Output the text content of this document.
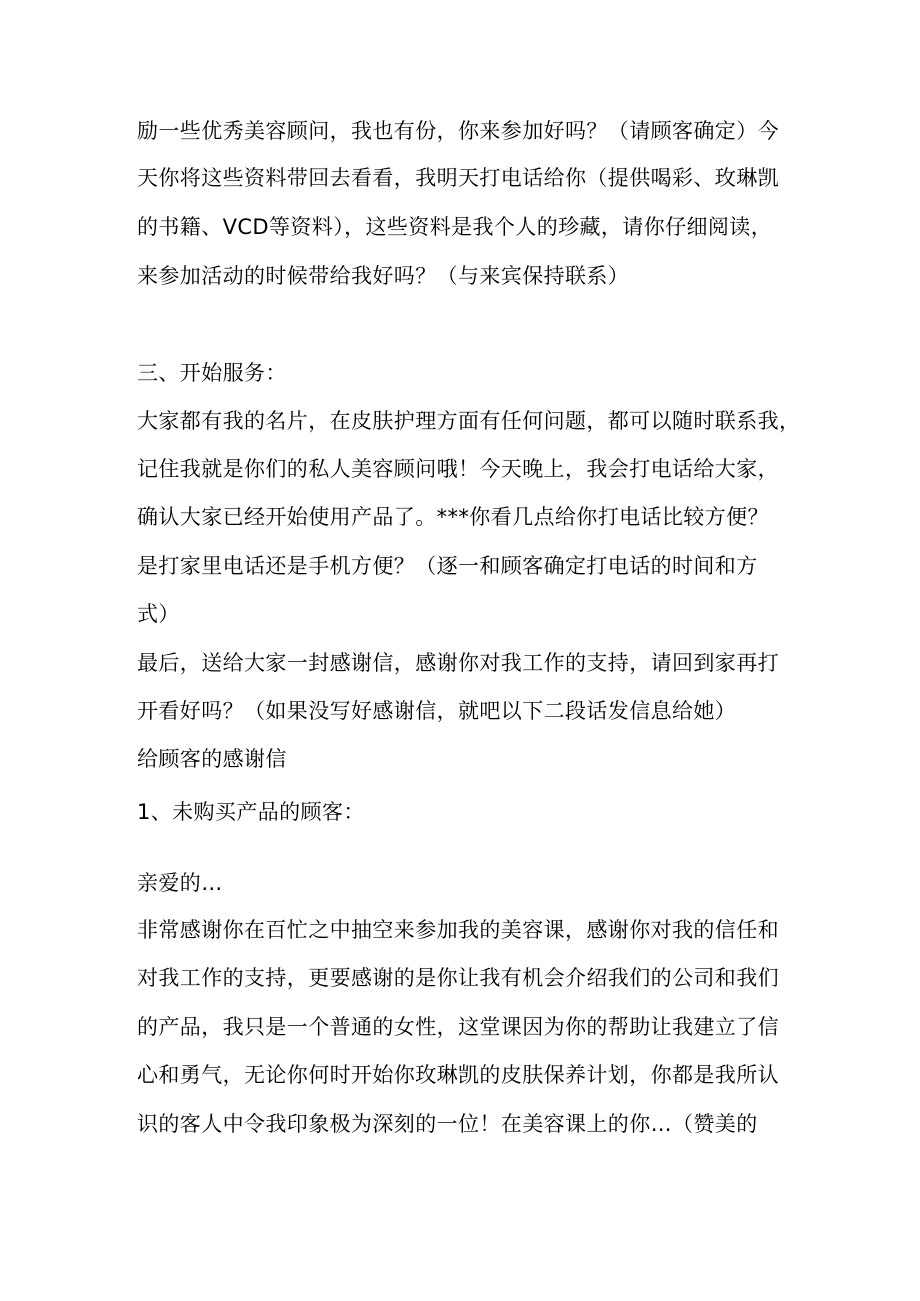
励一些优秀美容顾问，我也有份，你来参加好吗？（请顾客确定）今
天你将这些资料带回去看看，我明天打电话给你（提供喝彩、玫琳凯
的书籍、VCD等资料），这些资料是我个人的珍藏，请你仔细阅读，
来参加活动的时候带给我好吗？（与来宾保持联系）
三、开始服务：
大家都有我的名片，在皮肤护理方面有任何问题，都可以随时联系我，
记住我就是你们的私人美容顾问哦！今天晚上，我会打电话给大家，
确认大家已经开始使用产品了。***你看几点给你打电话比较方便？
是打家里电话还是手机方便？（逐一和顾客确定打电话的时间和方
式）
最后，送给大家一封感谢信，感谢你对我工作的支持，请回到家再打
开看好吗？（如果没写好感谢信，就吧以下二段话发信息给她）
给顾客的感谢信
1、未购买产品的顾客：
亲爱的…
非常感谢你在百忙之中抽空来参加我的美容课，感谢你对我的信任和
对我工作的支持，更要感谢的是你让我有机会介绍我们的公司和我们
的产品，我只是一个普通的女性，这堂课因为你的帮助让我建立了信
心和勇气，无论你何时开始你玫琳凯的皮肤保养计划，你都是我所认
识的客人中令我印象极为深刻的一位！在美容课上的你…（赞美的
